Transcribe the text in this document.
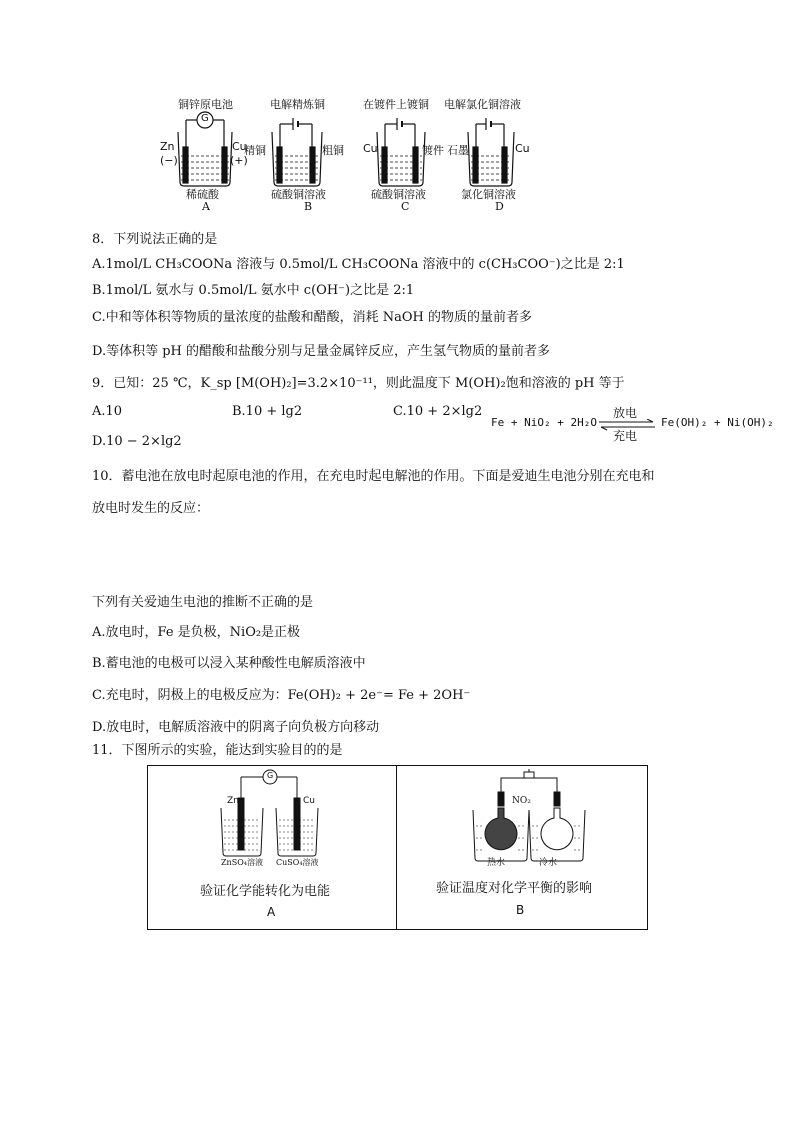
铜锌原电池
G
Zn
(−)
Cu
(+)
稀硫酸
A
电解精炼铜
精铜	粗铜
硫酸铜溶液
B
在镀件上镀铜
Cu	镀件
硫酸铜溶液
C
电解氯化铜溶液
石墨	Cu
氯化铜溶液
D
8．下列说法正确的是
A.1mol/L CH₃COONa 溶液与 0.5mol/L CH₃COONa 溶液中的 c(CH₃COO⁻)之比是 2:1
B.1mol/L 氨水与 0.5mol/L 氨水中 c(OH⁻)之比是 2:1
C.中和等体积等物质的量浓度的盐酸和醋酸，消耗 NaOH 的物质的量前者多
D.等体积等 pH 的醋酸和盐酸分别与足量金属锌反应，产生氢气物质的量前者多
9．已知：25 ℃，K_sp [M(OH)₂]=3.2×10⁻¹¹，则此温度下 M(OH)₂饱和溶液的 pH 等于
A.10	B.10 + lg2	C.10 + 2×lg2
D.10 − 2×lg2
Fe + NiO₂ + 2H₂O
放电
充电
Fe(OH)₂ + Ni(OH)₂
10．蓄电池在放电时起原电池的作用，在充电时起电解池的作用。下面是爱迪生电池分别在充电和
放电时发生的反应：
下列有关爱迪生电池的推断不正确的是
A.放电时，Fe 是负极，NiO₂是正极
B.蓄电池的电极可以浸入某种酸性电解质溶液中
C.充电时，阴极上的电极反应为：Fe(OH)₂ + 2e⁻= Fe + 2OH⁻
D.放电时，电解质溶液中的阴离子向负极方向移动
11．下图所示的实验，能达到实验目的的是
G
Zn	Cu
ZnSO₄溶液 CuSO₄溶液
验证化学能转化为电能
A
NO₂
热水	冷水
验证温度对化学平衡的影响
B
